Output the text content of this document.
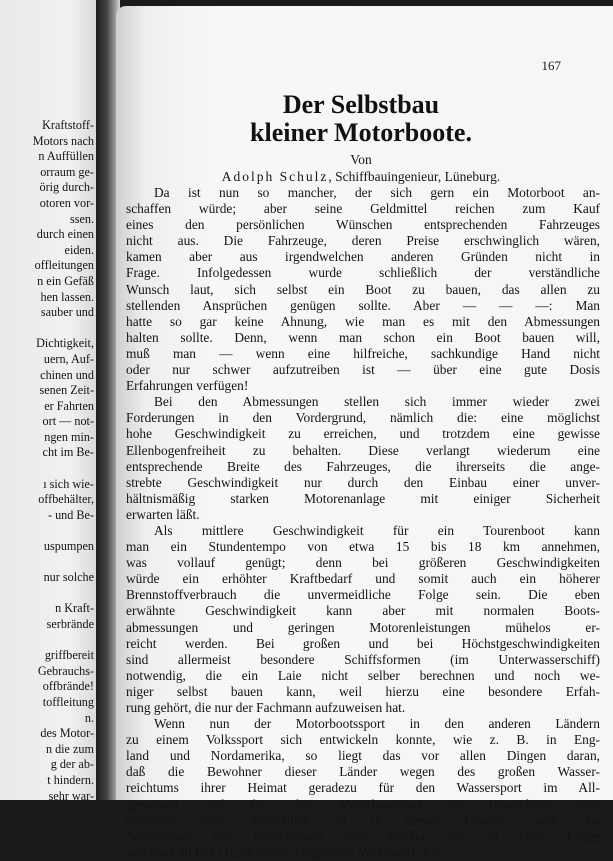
Kraftstoff-
Motors nach
n Auffüllen
orraum ge-
örig durch-
otoren vor-
ssen.
durch einen
eiden.
offleitungen
n ein Gefäß
hen lassen.
sauber und
Dichtigkeit,
uern, Auf-
chinen und
senen Zeit-
er Fahrten
ort — not-
ngen min-
cht im Be-
ı sich wie-
offbehälter,
- und Be-
uspumpen
nur solche
n Kraft-
serbrände
griffbereit
Gebrauchs-
offbrände!
toffleitung
n.
des Motor-
n die zum
g der ab-
t hindern.
sehr war-
167
Der Selbstbau
kleiner Motorboote.
Von
Adolph Schulz, Schiffbauingenieur, Lüneburg.
Da ist nun so mancher, der sich gern ein Motorboot an-
schaffen würde; aber seine Geldmittel reichen zum Kauf
eines den persönlichen Wünschen entsprechenden Fahrzeuges
nicht aus. Die Fahrzeuge, deren Preise erschwinglich wären,
kamen aber aus irgendwelchen anderen Gründen nicht in
Frage. Infolgedessen wurde schließlich der verständliche
Wunsch laut, sich selbst ein Boot zu bauen, das allen zu
stellenden Ansprüchen genügen sollte. Aber — — —: Man
hatte so gar keine Ahnung, wie man es mit den Abmessungen
halten sollte. Denn, wenn man schon ein Boot bauen will,
muß man — wenn eine hilfreiche, sachkundige Hand nicht
oder nur schwer aufzutreiben ist — über eine gute Dosis
Erfahrungen verfügen!
Bei den Abmessungen stellen sich immer wieder zwei
Forderungen in den Vordergrund, nämlich die: eine möglichst
hohe Geschwindigkeit zu erreichen, und trotzdem eine gewisse
Ellenbogenfreiheit zu behalten. Diese verlangt wiederum eine
entsprechende Breite des Fahrzeuges, die ihrerseits die ange-
strebte Geschwindigkeit nur durch den Einbau einer unver-
hältnismäßig starken Motorenanlage mit einiger Sicherheit
erwarten läßt.
Als mittlere Geschwindigkeit für ein Tourenboot kann
man ein Stundentempo von etwa 15 bis 18 km annehmen,
was vollauf genügt; denn bei größeren Geschwindigkeiten
würde ein erhöhter Kraftbedarf und somit auch ein höherer
Brennstoffverbrauch die unvermeidliche Folge sein. Die eben
erwähnte Geschwindigkeit kann aber mit normalen Boots-
abmessungen und geringen Motorenleistungen mühelos er-
reicht werden. Bei großen und bei Höchstgeschwindigkeiten
sind allermeist besondere Schiffsformen (im Unterwasserschiff)
notwendig, die ein Laie nicht selber berechnen und noch we-
niger selbst bauen kann, weil hierzu eine besondere Erfah-
rung gehört, die nur der Fachmann aufzuweisen hat.
Wenn nun der Motorbootssport in den anderen Ländern
zu einem Volkssport sich entwickeln konnte, wie z. B. in Eng-
land und Nordamerika, so liegt das vor allen Dingen daran,
daß die Bewohner dieser Länder wegen des großen Wasser-
reichtums ihrer Heimat geradezu für den Wassersport im All-
gemeinen und für den Motorbootsport im Besonderen prä-
destiniert sind. Tatsächlich ist in diesen Ländern auch das
Selbstbauen von Motorbooten aller Größen bis zu einer Länge
von etwa 40 Fuß (12,20 m) ein vielgeübter Volkssport. An-
